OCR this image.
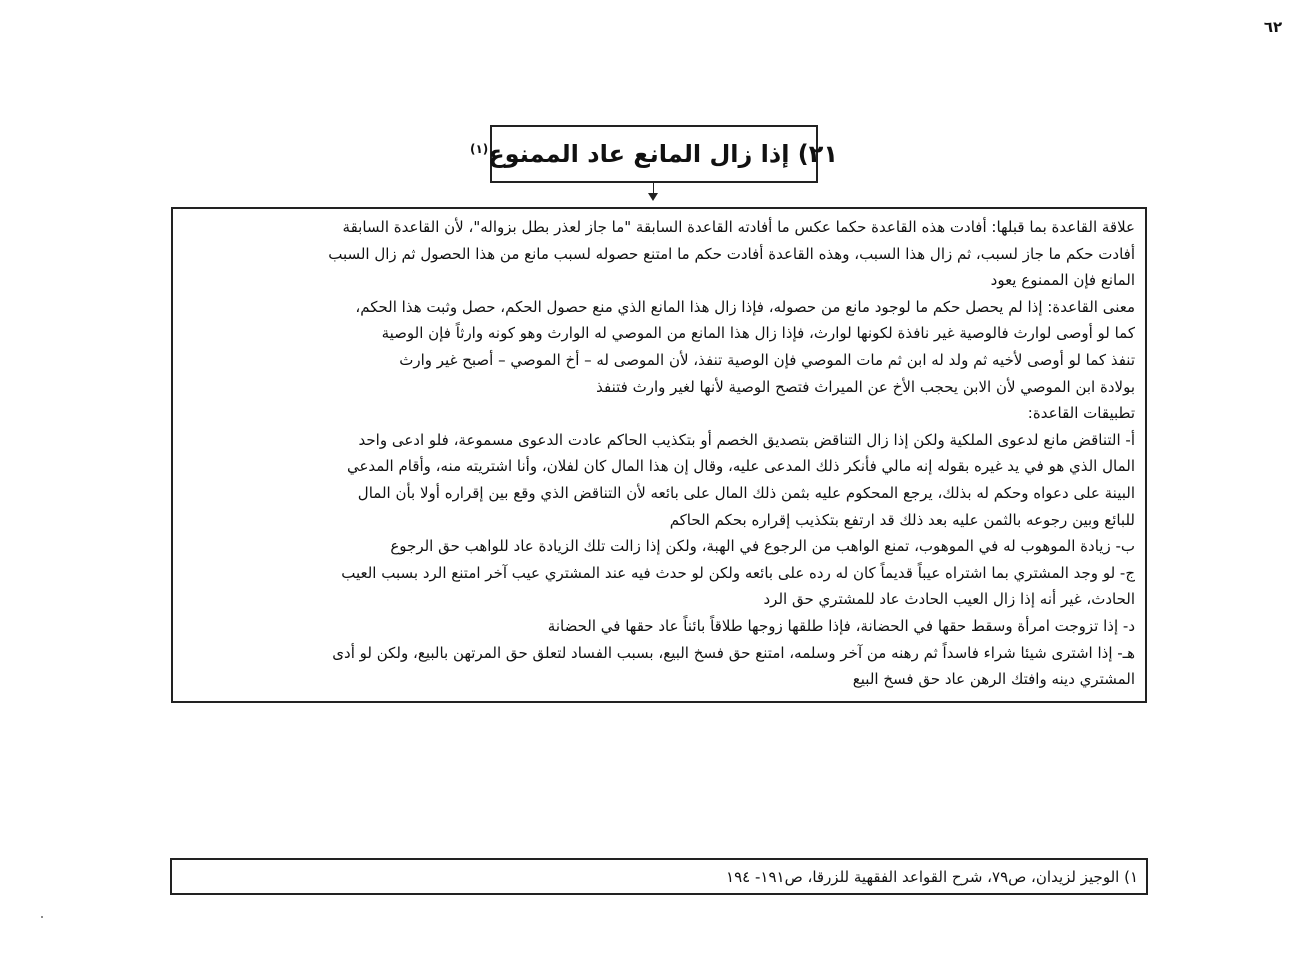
٦٢
٢١) إذا زال المانع عاد الممنوع$^{(١)}$

علاقة القاعدة بما قبلها: أفادت هذه القاعدة حكما عكس ما أفادته القاعدة السابقة "ما جاز لعذر بطل بزواله"، لأن القاعدة السابقة

أفادت حكم ما جاز لسبب، ثم زال هذا السبب، وهذه القاعدة أفادت حكم ما امتنع حصوله لسبب مانع من هذا الحصول ثم زال السبب

المانع فإن الممنوع يعود

معنى القاعدة: إذا لم يحصل حكم ما لوجود مانع من حصوله، فإذا زال هذا المانع الذي منع حصول الحكم، حصل وثبت هذا الحكم،

كما لو أوصى لوارث فالوصية غير نافذة لكونها لوارث، فإذا زال هذا المانع من الموصي له الوارث وهو كونه وارثاً فإن الوصية

تنفذ كما لو أوصى لأخيه ثم ولد له ابن ثم مات الموصي فإن الوصية تنفذ، لأن الموصى له – أخ الموصي – أصبح غير وارث

بولادة ابن الموصي لأن الابن يحجب الأخ عن الميراث فتصح الوصية لأنها لغير وارث فتنفذ

تطبيقات القاعدة:

أ- التناقض مانع لدعوى الملكية ولكن إذا زال التناقض بتصديق الخصم أو بتكذيب الحاكم عادت الدعوى مسموعة، فلو ادعى واحد

المال الذي هو في يد غيره بقوله إنه مالي فأنكر ذلك المدعى عليه، وقال إن هذا المال كان لفلان، وأنا اشتريته منه، وأقام المدعي

البينة على دعواه وحكم له بذلك، يرجع المحكوم عليه بثمن ذلك المال على بائعه لأن التناقض الذي وقع بين إقراره أولا بأن المال

للبائع وبين رجوعه بالثمن عليه بعد ذلك قد ارتفع بتكذيب إقراره بحكم الحاكم

ب- زيادة الموهوب له في الموهوب، تمنع الواهب من الرجوع في الهبة، ولكن إذا زالت تلك الزيادة عاد للواهب حق الرجوع

ج- لو وجد المشتري بما اشتراه عيباً قديماً كان له رده على بائعه ولكن لو حدث فيه عند المشتري عيب آخر امتنع الرد بسبب العيب

الحادث، غير أنه إذا زال العيب الحادث عاد للمشتري حق الرد

د- إذا تزوجت امرأة وسقط حقها في الحضانة، فإذا طلقها زوجها طلاقاً بائناً عاد حقها في الحضانة

هـ- إذا اشترى شيئا شراء فاسداً ثم رهنه من آخر وسلمه، امتنع حق فسخ البيع، بسبب الفساد لتعلق حق المرتهن بالبيع، ولكن لو أدى

المشتري دينه وافتك الرهن عاد حق فسخ البيع

١) الوجيز لزيدان، ص٧٩، شرح القواعد الفقهية للزرقا، ص١٩١- ١٩٤
